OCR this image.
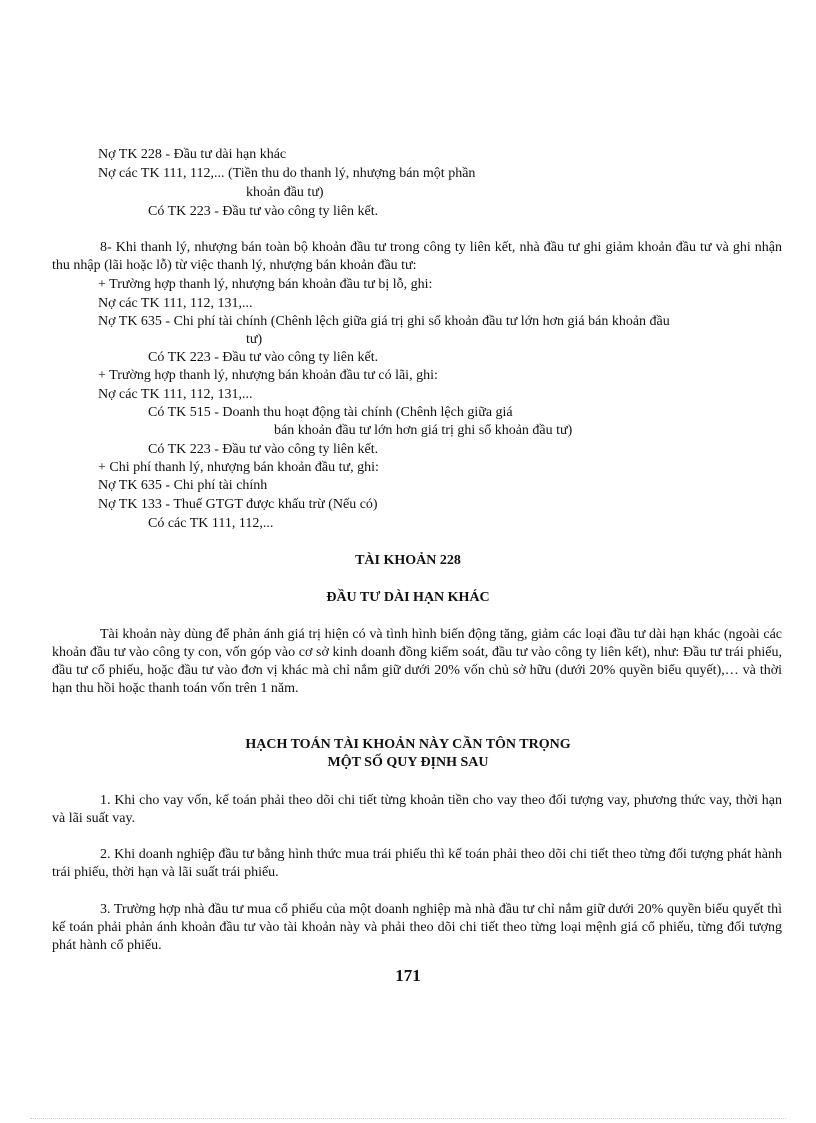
Nợ TK 228 - Đầu tư dài hạn khác
Nợ các TK 111, 112,... (Tiền thu do thanh lý, nhượng bán một phần
khoản đầu tư)
Có TK 223 - Đầu tư vào công ty liên kết.
8- Khi thanh lý, nhượng bán toàn bộ khoản đầu tư trong công ty liên kết, nhà đầu tư ghi giảm khoản đầu tư và ghi nhận thu nhập (lãi hoặc lỗ) từ việc thanh lý, nhượng bán khoản đầu tư:
+ Trường hợp thanh lý, nhượng bán khoản đầu tư bị lỗ, ghi:
Nợ các TK 111, 112, 131,...
Nợ TK 635 - Chi phí tài chính (Chênh lệch giữa giá trị ghi sổ khoản đầu tư lớn hơn giá bán khoản đầu
tư)
Có TK 223 - Đầu tư vào công ty liên kết.
+ Trường hợp thanh lý, nhượng bán khoản đầu tư có lãi, ghi:
Nợ các TK 111, 112, 131,...
Có TK 515 - Doanh thu hoạt động tài chính (Chênh lệch giữa giá
bán khoản đầu tư lớn hơn giá trị ghi sổ khoản đầu tư)
Có TK 223 - Đầu tư vào công ty liên kết.
+ Chi phí thanh lý, nhượng bán khoản đầu tư, ghi:
Nợ TK 635 - Chi phí tài chính
Nợ TK 133 - Thuế GTGT được khấu trừ (Nếu có)
Có các TK 111, 112,...
TÀI KHOẢN 228
ĐẦU TƯ DÀI HẠN KHÁC
Tài khoản này dùng để phản ánh giá trị hiện có và tình hình biến động tăng, giảm các loại đầu tư dài hạn khác (ngoài các khoản đầu tư vào công ty con, vốn góp vào cơ sở kinh doanh đồng kiểm soát, đầu tư vào công ty liên kết), như: Đầu tư trái phiếu, đầu tư cổ phiếu, hoặc đầu tư vào đơn vị khác mà chỉ nắm giữ dưới 20% vốn chủ sở hữu (dưới 20% quyền biểu quyết),… và thời hạn thu hồi hoặc thanh toán vốn trên 1 năm.
HẠCH TOÁN TÀI KHOẢN NÀY CẦN TÔN TRỌNG
MỘT SỐ QUY ĐỊNH SAU
1. Khi cho vay vốn, kế toán phải theo dõi chi tiết từng khoản tiền cho vay theo đối tượng vay, phương thức vay, thời hạn và lãi suất vay.
2. Khi doanh nghiệp đầu tư bằng hình thức mua trái phiếu thì kế toán phải theo dõi chi tiết theo từng đối tượng phát hành trái phiếu, thời hạn và lãi suất trái phiếu.
3. Trường hợp nhà đầu tư mua cổ phiếu của một doanh nghiệp mà nhà đầu tư chỉ nắm giữ dưới 20% quyền biểu quyết thì kế toán phải phản ánh khoản đầu tư vào tài khoản này và phải theo dõi chi tiết theo từng loại mệnh giá cổ phiếu, từng đối tượng phát hành cổ phiếu.
171
